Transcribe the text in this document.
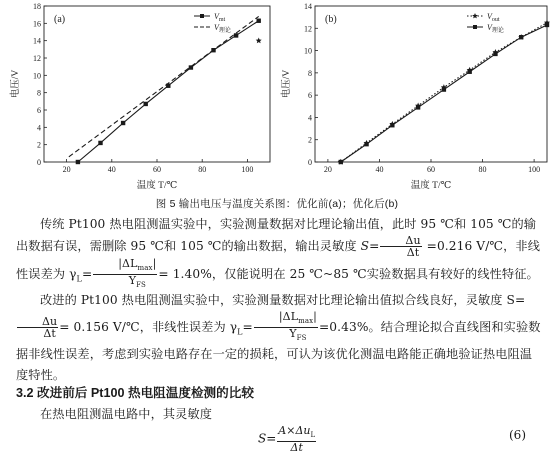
20	40	60	80	100
0
2
4
6
8
10
12
14
16
18
温度 T/℃
电压/V
(a)	$V_{mt}$
$V_{理论}$
20	40	60	80	100
0
2
4
6
8
10
12
14
温度 T/℃
电压/V
(b)	$V_{out}$
$V_{理论}$
图 5 输出电压与温度关系图：优化前(a)；优化后(b)
传统 Pt100 热电阻测温实验中，实验测量数据对比理论输出值，此时 95 ℃和 105 ℃的输出数据有误，需删除 95 ℃和 105 ℃的输出数据，输出灵敏度 $S= \frac{\Delta u}{\Delta t} =0.216$ V/℃，非线性误差为 $\gamma_L= \frac{|\Delta L_{max}|}{Y_{FS}} = 1.40\%$，仅能说明在 25 ℃~85 ℃实验数据具有较好的线性特征。
改进的 Pt100 热电阻测温实验中，实验测量数据对比理论输出值拟合线良好，灵敏度 S=
$\frac{\Delta u}{\Delta t} = 0.156$ V/℃，非线性误差为 $\gamma_L= \frac{|\Delta L_{max}|}{Y_{FS}} =0.43\%$。结合理论拟合直线图和实验数据非线性误差，考虑到实验电路存在一定的损耗，可认为该优化测温电路能正确地验证热电阻温度特性。
3.2 改进前后 Pt100 热电阻温度检测的比较
在热电阻测温电路中，其灵敏度
$S= \frac{A\times\Delta u_L}{\Delta t}$	(6)
